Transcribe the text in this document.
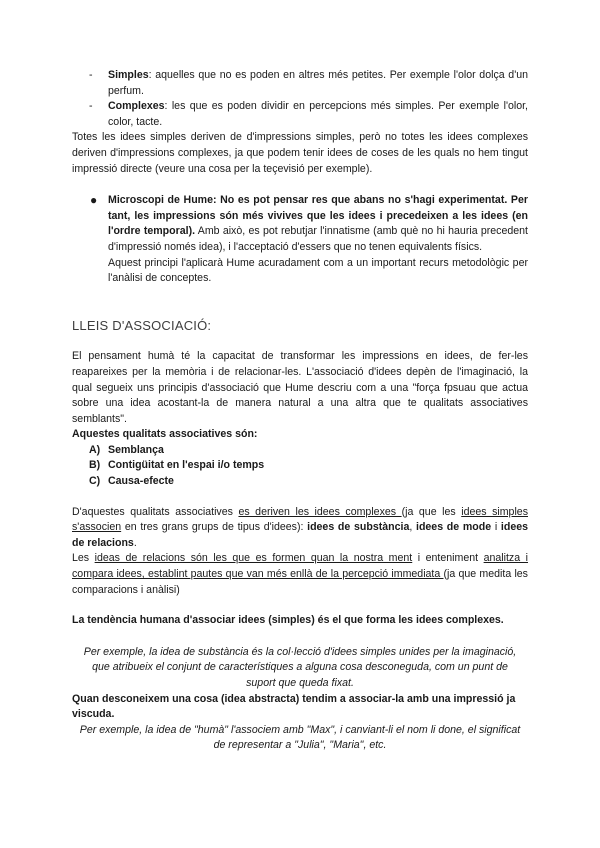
- Simples: aquelles que no es poden en altres més petites. Per exemple l'olor dolça d'un perfum.
- Complexes: les que es poden dividir en percepcions més simples. Per exemple l'olor, color, tacte.

Totes les idees simples deriven de d'impressions simples, però no totes les idees complexes deriven d'impressions complexes, ja que podem tenir idees de coses de les quals no hem tingut impressió directe (veure una cosa per la teçevisió per exemple).

● Microscopi de Hume: No es pot pensar res que abans no s'hagi experimentat. Per tant, les impressions són més vivives que les idees i precedeixen a les idees (en l'ordre temporal). Amb això, es pot rebutjar l'innatisme (amb què no hi hauria precedent d'impressió només idea), i l'acceptació d'essers que no tenen equivalents físics.

Aquest principi l'aplicarà Hume acuradament com a un important recurs metodològic per l'anàlisi de conceptes.

LLEIS D'ASSOCIACIÓ:

El pensament humà té la capacitat de transformar les impressions en idees, de fer-les reapareixes per la memòria i de relacionar-les. L'associació d'idees depèn de l'imaginació, la qual segueix uns principis d'associació que Hume descriu com a una "força fpsuau que actua sobre una idea acostant-la de manera natural a una altra que te qualitats associatives semblants".

Aquestes qualitats associatives són:

A) Semblança
B) Contigüitat en l'espai i/o temps
C) Causa-efecte

D'aquestes qualitats associatives es deriven les idees complexes (ja que les idees simples s'associen en tres grans grups de tipus d'idees): idees de substància, idees de mode i idees de relacions.

Les ideas de relacions són les que es formen quan la nostra ment i enteniment analitza i compara idees, establint pautes que van més enllà de la percepció immediata (ja que medita les comparacions i anàlisi)

La tendència humana d'associar idees (simples) és el que forma les idees complexes.

Per exemple, la idea de substància és la col·lecció d'idees simples unides per la imaginació, que atribueix el conjunt de característiques a alguna cosa desconeguda, com un punt de suport que queda fixat.

Quan desconeixem una cosa (idea abstracta) tendim a associar-la amb una impressió ja viscuda.

Per exemple, la idea de "humà" l'associem amb "Max", i canviant-li el nom li done, el significat de representar a "Julia", "Maria", etc.
